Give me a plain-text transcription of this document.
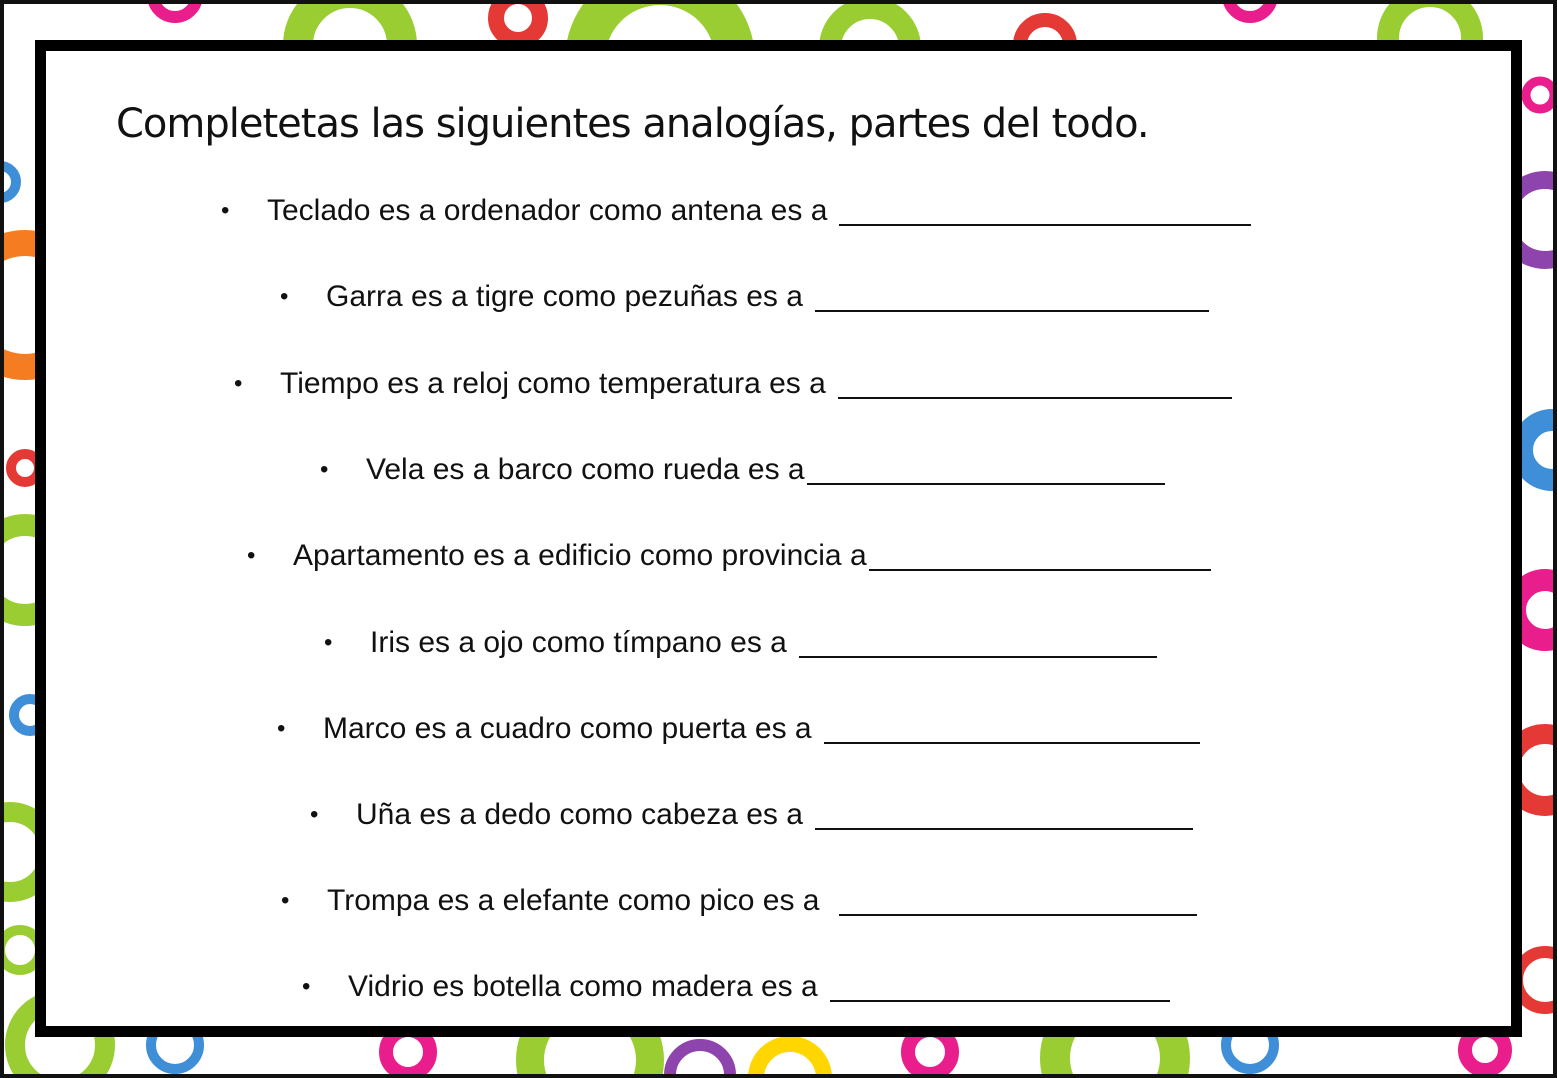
Completetas las siguientes analogías, partes del todo.
•	Teclado es a ordenador como antena es a
•	Garra es a tigre como pezuñas es a
•	Tiempo es a reloj como temperatura es a
•	Vela es a barco como rueda es a
•	Apartamento es a edificio como provincia a
•	Iris es a ojo como tímpano es a
•	Marco es a cuadro como puerta es a
•	Uña es a dedo como cabeza es a
•	Trompa es a elefante como pico es a
•	Vidrio es botella como madera es a
